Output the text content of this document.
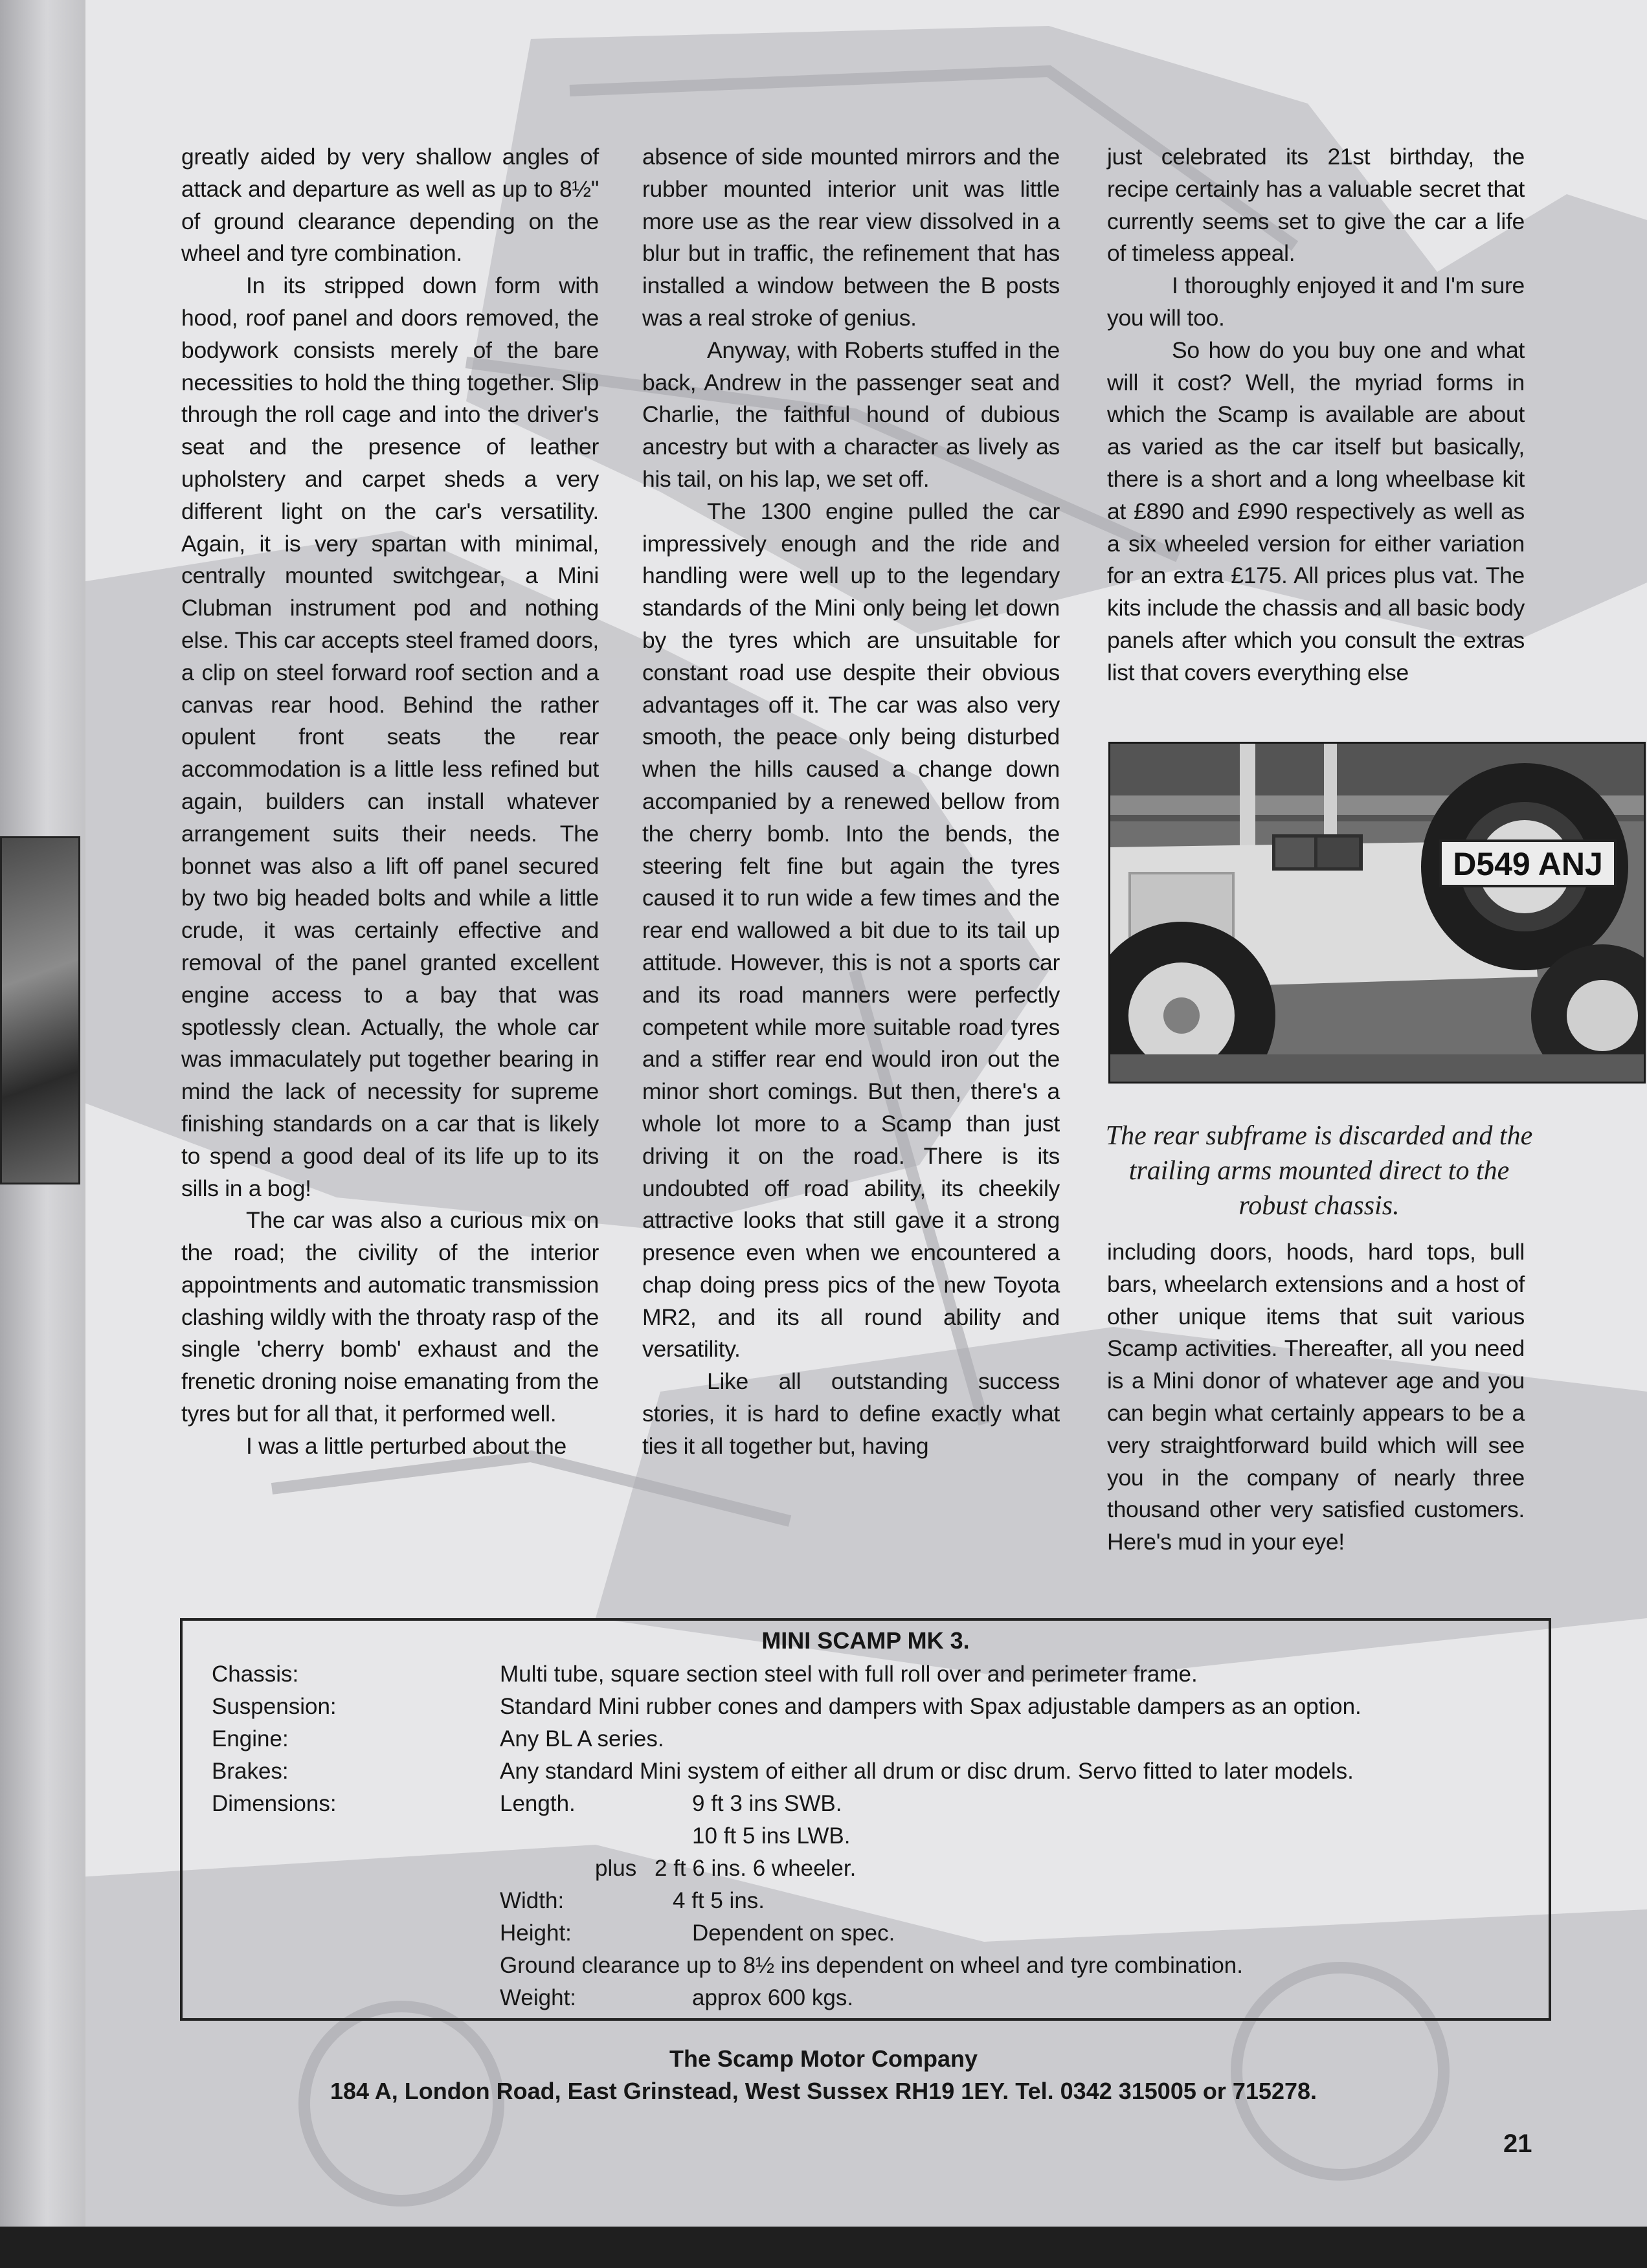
greatly aided by very shallow angles of attack and departure as well as up to 8½" of ground clearance depending on the wheel and tyre combination.

In its stripped down form with hood, roof panel and doors removed, the bodywork consists merely of the bare necessities to hold the thing together. Slip through the roll cage and into the driver's seat and the presence of leather upholstery and carpet sheds a very different light on the car's versatility. Again, it is very spartan with minimal, centrally mounted switchgear, a Mini Clubman instrument pod and nothing else. This car accepts steel framed doors, a clip on steel forward roof section and a canvas rear hood. Behind the rather opulent front seats the rear accommodation is a little less refined but again, builders can install whatever arrangement suits their needs. The bonnet was also a lift off panel secured by two big headed bolts and while a little crude, it was certainly effective and removal of the panel granted excellent engine access to a bay that was spotlessly clean. Actually, the whole car was immaculately put together bearing in mind the lack of necessity for supreme finishing standards on a car that is likely to spend a good deal of its life up to its sills in a bog!

The car was also a curious mix on the road; the civility of the interior appointments and automatic transmission clashing wildly with the throaty rasp of the single 'cherry bomb' exhaust and the frenetic droning noise emanating from the tyres but for all that, it performed well.

I was a little perturbed about the

absence of side mounted mirrors and the rubber mounted interior unit was little more use as the rear view dissolved in a blur but in traffic, the refinement that has installed a window between the B posts was a real stroke of genius.

Anyway, with Roberts stuffed in the back, Andrew in the passenger seat and Charlie, the faithful hound of dubious ancestry but with a character as lively as his tail, on his lap, we set off.

The 1300 engine pulled the car impressively enough and the ride and handling were well up to the legendary standards of the Mini only being let down by the tyres which are unsuitable for constant road use despite their obvious advantages off it. The car was also very smooth, the peace only being disturbed when the hills caused a change down accompanied by a renewed bellow from the cherry bomb. Into the bends, the steering felt fine but again the tyres caused it to run wide a few times and the rear end wallowed a bit due to its tail up attitude. However, this is not a sports car and its road manners were perfectly competent while more suitable road tyres and a stiffer rear end would iron out the minor short comings. But then, there's a whole lot more to a Scamp than just driving it on the road. There is its undoubted off road ability, its cheekily attractive looks that still gave it a strong presence even when we encountered a chap doing press pics of the new Toyota MR2, and its all round ability and versatility.

Like all outstanding success stories, it is hard to define exactly what ties it all together but, having

just celebrated its 21st birthday, the recipe certainly has a valuable secret that currently seems set to give the car a life of timeless appeal.

I thoroughly enjoyed it and I'm sure you will too.

So how do you buy one and what will it cost? Well, the myriad forms in which the Scamp is available are about as varied as the car itself but basically, there is a short and a long wheelbase kit at £890 and £990 respectively as well as a six wheeled version for either variation for an extra £175. All prices plus vat. The kits include the chassis and all basic body panels after which you consult the extras list that covers everything else

D549 ANJ
The rear subframe is discarded and the trailing arms mounted direct to the robust chassis.

including doors, hoods, hard tops, bull bars, wheelarch extensions and a host of other unique items that suit various Scamp activities. Thereafter, all you need is a Mini donor of whatever age and you can begin what certainly appears to be a very straightforward build which will see you in the company of nearly three thousand other very satisfied customers. Here's mud in your eye!

MINI SCAMP MK 3.
Chassis:	Multi tube, square section steel with full roll over and perimeter frame.
Suspension:	Standard Mini rubber cones and dampers with Spax adjustable dampers as an option.
Engine:	Any BL A series.
Brakes:	Any standard Mini system of either all drum or disc drum. Servo fitted to later models.
Dimensions:	Length.	9 ft 3 ins SWB.
10 ft 5 ins LWB.
plus 2 ft 6 ins. 6 wheeler.
Width:	4 ft 5 ins.
Height:	Dependent on spec.
Ground clearance up to 8½ ins dependent on wheel and tyre combination.
Weight:	approx 600 kgs.
The Scamp Motor Company
184 A, London Road, East Grinstead, West Sussex RH19 1EY. Tel. 0342 315005 or 715278.
21
